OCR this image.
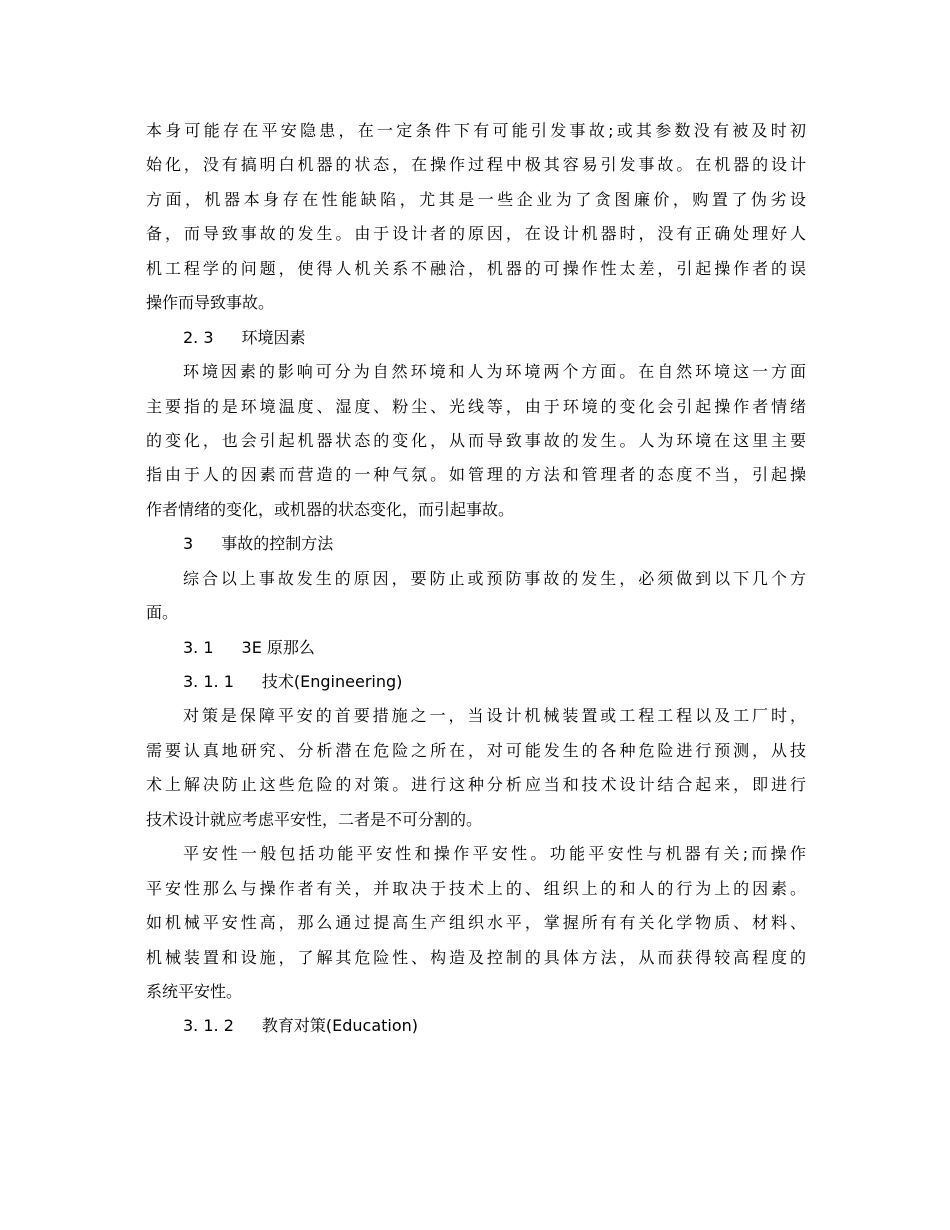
本身可能存在平安隐患，在一定条件下有可能引发事故;或其参数没有被及时初
始化，没有搞明白机器的状态，在操作过程中极其容易引发事故。在机器的设计
方面，机器本身存在性能缺陷，尤其是一些企业为了贪图廉价，购置了伪劣设
备，而导致事故的发生。由于设计者的原因，在设计机器时，没有正确处理好人
机工程学的问题，使得人机关系不融洽，机器的可操作性太差，引起操作者的误
操作而导致事故。
2. 3 环境因素
环境因素的影响可分为自然环境和人为环境两个方面。在自然环境这一方面
主要指的是环境温度、湿度、粉尘、光线等，由于环境的变化会引起操作者情绪
的变化，也会引起机器状态的变化，从而导致事故的发生。人为环境在这里主要
指由于人的因素而营造的一种气氛。如管理的方法和管理者的态度不当，引起操
作者情绪的变化，或机器的状态变化，而引起事故。
3 事故的控制方法
综合以上事故发生的原因，要防止或预防事故的发生，必须做到以下几个方
面。
3. 1 3E 原那么
3. 1. 1 技术(Engineering)
对策是保障平安的首要措施之一，当设计机械装置或工程工程以及工厂时，
需要认真地研究、分析潜在危险之所在，对可能发生的各种危险进行预测，从技
术上解决防止这些危险的对策。进行这种分析应当和技术设计结合起来，即进行
技术设计就应考虑平安性，二者是不可分割的。
平安性一般包括功能平安性和操作平安性。功能平安性与机器有关;而操作
平安性那么与操作者有关，并取决于技术上的、组织上的和人的行为上的因素。
如机械平安性高，那么通过提高生产组织水平，掌握所有有关化学物质、材料、
机械装置和设施，了解其危险性、构造及控制的具体方法，从而获得较高程度的
系统平安性。
3. 1. 2 教育对策(Education)
